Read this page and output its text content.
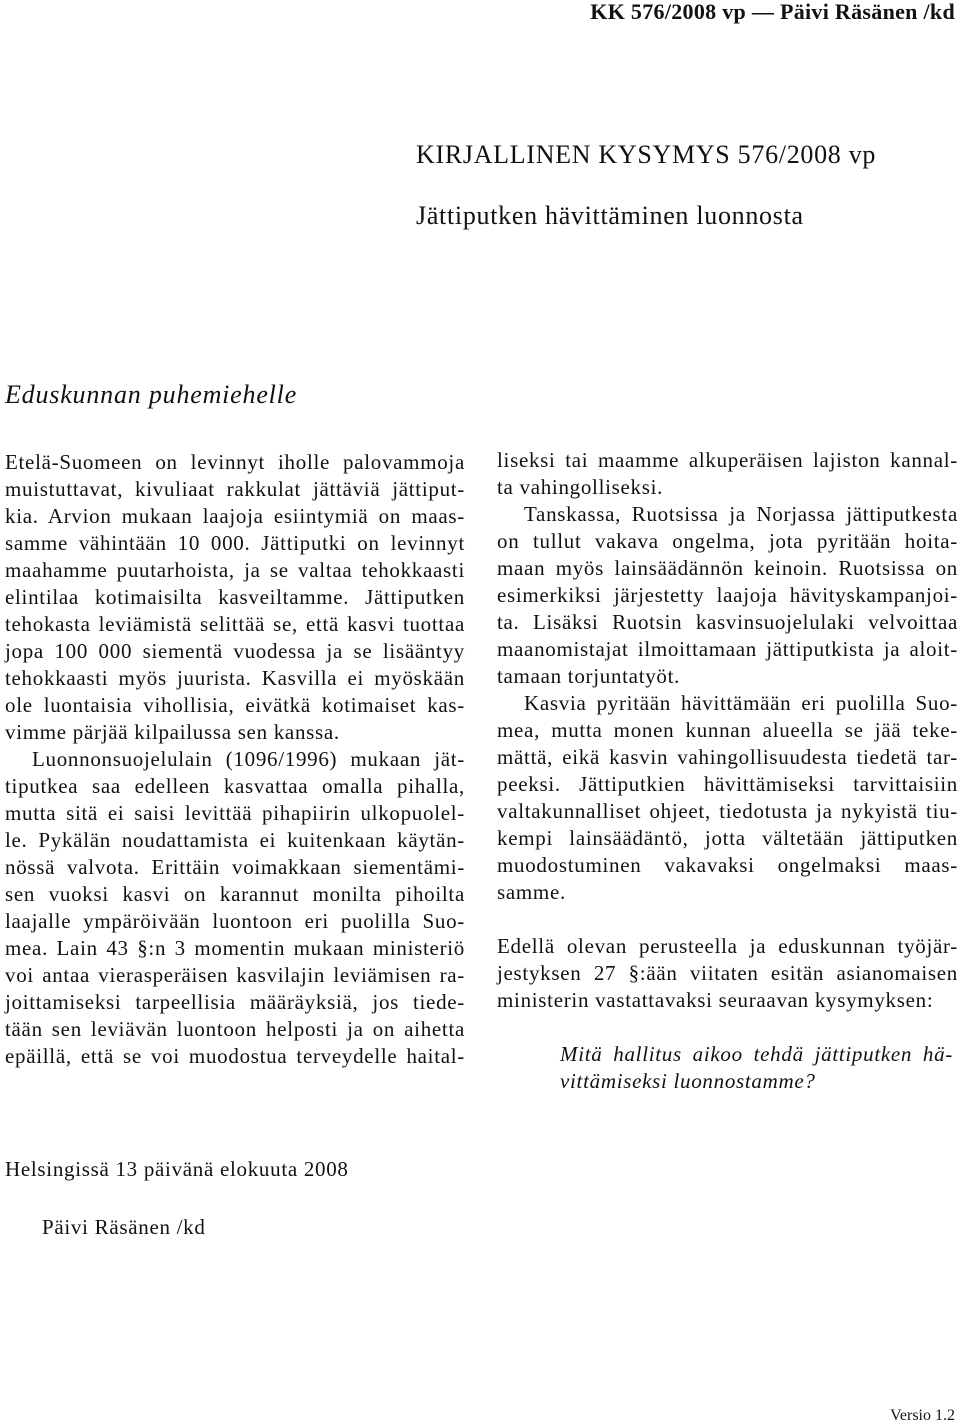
KK 576/2008 vp — Päivi Räsänen /kd
KIRJALLINEN KYSYMYS 576/2008 vp
Jättiputken hävittäminen luonnosta
Eduskunnan puhemiehelle
Etelä-Suomeen on levinnyt iholle palovammoja
muistuttavat, kivuliaat rakkulat jättäviä jättiput-
kia. Arvion mukaan laajoja esiintymiä on maas-
samme vähintään 10 000. Jättiputki on levinnyt
maahamme puutarhoista, ja se valtaa tehokkaasti
elintilaa kotimaisilta kasveiltamme. Jättiputken
tehokasta leviämistä selittää se, että kasvi tuottaa
jopa 100 000 siementä vuodessa ja se lisääntyy
tehokkaasti myös juurista. Kasvilla ei myöskään
ole luontaisia vihollisia, eivätkä kotimaiset kas-
vimme pärjää kilpailussa sen kanssa.
Luonnonsuojelulain (1096/1996) mukaan jät-
tiputkea saa edelleen kasvattaa omalla pihalla,
mutta sitä ei saisi levittää pihapiirin ulkopuolel-
le. Pykälän noudattamista ei kuitenkaan käytän-
nössä valvota. Erittäin voimakkaan siementämi-
sen vuoksi kasvi on karannut monilta pihoilta
laajalle ympäröivään luontoon eri puolilla Suo-
mea. Lain 43 §:n 3 momentin mukaan ministeriö
voi antaa vierasperäisen kasvilajin leviämisen ra-
joittamiseksi tarpeellisia määräyksiä, jos tiede-
tään sen leviävän luontoon helposti ja on aihetta
epäillä, että se voi muodostua terveydelle haital-
liseksi tai maamme alkuperäisen lajiston kannal-
ta vahingolliseksi.
Tanskassa, Ruotsissa ja Norjassa jättiputkesta
on tullut vakava ongelma, jota pyritään hoita-
maan myös lainsäädännön keinoin. Ruotsissa on
esimerkiksi järjestetty laajoja hävityskampanjoi-
ta. Lisäksi Ruotsin kasvinsuojelulaki velvoittaa
maanomistajat ilmoittamaan jättiputkista ja aloit-
tamaan torjuntatyöt.
Kasvia pyritään hävittämään eri puolilla Suo-
mea, mutta monen kunnan alueella se jää teke-
mättä, eikä kasvin vahingollisuudesta tiedetä tar-
peeksi. Jättiputkien hävittämiseksi tarvittaisiin
valtakunnalliset ohjeet, tiedotusta ja nykyistä tiu-
kempi lainsäädäntö, jotta vältetään jättiputken
muodostuminen vakavaksi ongelmaksi maas-
samme.
Edellä olevan perusteella ja eduskunnan työjär-
jestyksen 27 §:ään viitaten esitän asianomaisen
ministerin vastattavaksi seuraavan kysymyksen:
Mitä hallitus aikoo tehdä jättiputken hä-
vittämiseksi luonnostamme?
Helsingissä 13 päivänä elokuuta 2008
Päivi Räsänen /kd
Versio 1.2
